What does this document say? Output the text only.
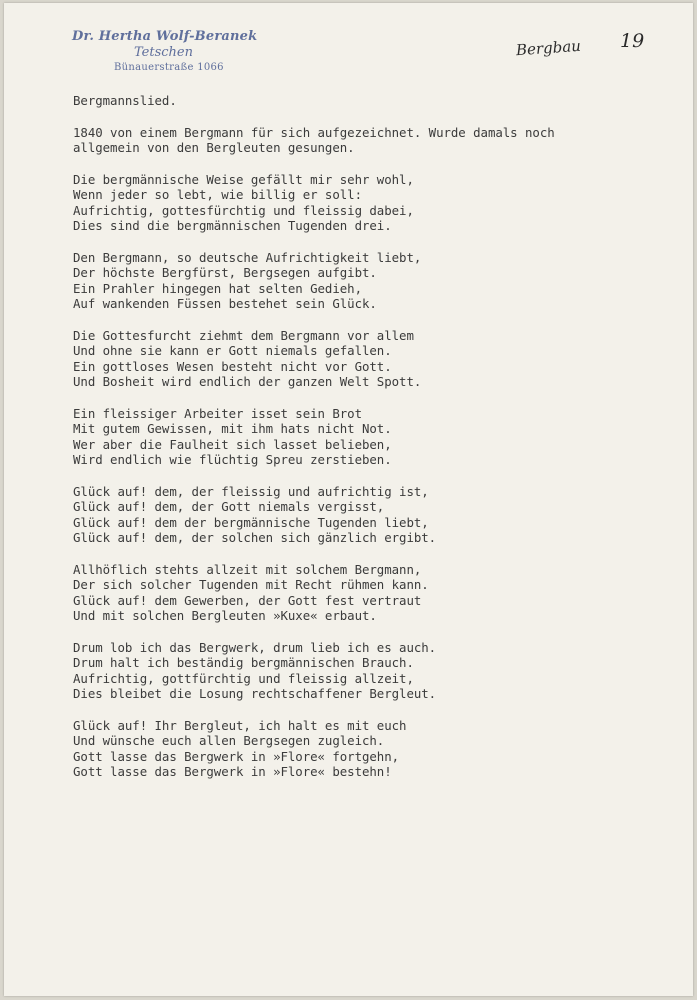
Dr. Hertha Wolf-Beranek
Tetschen
Bünauerstraße 1066
Bergbau 19
Bergmannslied.
1840 von einem Bergmann für sich aufgezeichnet. Wurde damals noch
allgemein von den Bergleuten gesungen.
Die bergmännische Weise gefällt mir sehr wohl,
Wenn jeder so lebt, wie billig er soll:
Aufrichtig, gottesfürchtig und fleissig dabei,
Dies sind die bergmännischen Tugenden drei.
Den Bergmann, so deutsche Aufrichtigkeit liebt,
Der höchste Bergfürst, Bergsegen aufgibt.
Ein Prahler hingegen hat selten Gedieh,
Auf wankenden Füssen bestehet sein Glück.
Die Gottesfurcht ziehmt dem Bergmann vor allem
Und ohne sie kann er Gott niemals gefallen.
Ein gottloses Wesen besteht nicht vor Gott.
Und Bosheit wird endlich der ganzen Welt Spott.
Ein fleissiger Arbeiter isset sein Brot
Mit gutem Gewissen, mit ihm hats nicht Not.
Wer aber die Faulheit sich lasset belieben,
Wird endlich wie flüchtig Spreu zerstieben.
Glück auf! dem, der fleissig und aufrichtig ist,
Glück auf! dem, der Gott niemals vergisst,
Glück auf! dem der bergmännische Tugenden liebt,
Glück auf! dem, der solchen sich gänzlich ergibt.
Allhöflich stehts allzeit mit solchem Bergmann,
Der sich solcher Tugenden mit Recht rühmen kann.
Glück auf! dem Gewerben, der Gott fest vertraut
Und mit solchen Bergleuten »Kuxe« erbaut.
Drum lob ich das Bergwerk, drum lieb ich es auch.
Drum halt ich beständig bergmännischen Brauch.
Aufrichtig, gottfürchtig und fleissig allzeit,
Dies bleibet die Losung rechtschaffener Bergleut.
Glück auf! Ihr Bergleut, ich halt es mit euch
Und wünsche euch allen Bergsegen zugleich.
Gott lasse das Bergwerk in »Flore« fortgehn,
Gott lasse das Bergwerk in »Flore« bestehn!
